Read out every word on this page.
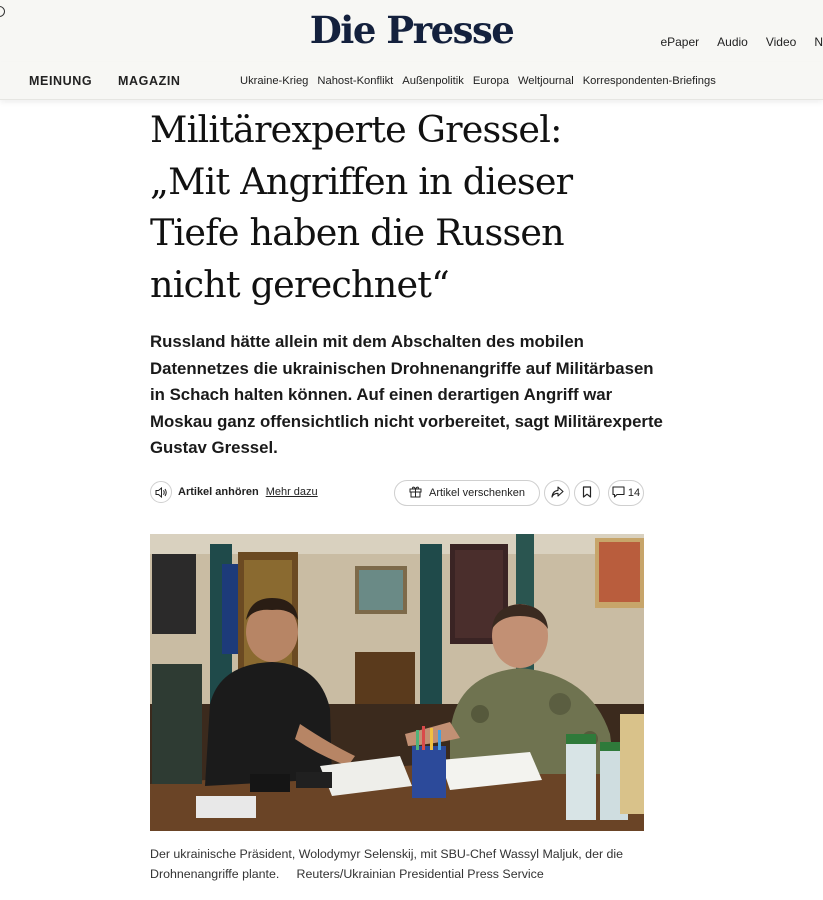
Die Presse	ePaper Audio Video N
MEINUNG MAGAZIN	Ukraine-Krieg Nahost-Konflikt Außenpolitik Europa Weltjournal Korrespondenten-Briefings
Militärexperte Gressel:
„Mit Angriffen in dieser
Tiefe haben die Russen
nicht gerechnet“

Russland hätte allein mit dem Abschalten des mobilen Datennetzes die ukrainischen Drohnenangriffe auf Militärbasen in Schach halten können. Auf einen derartigen Angriff war Moskau ganz offensichtlich nicht vorbereitet, sagt Militärexperte Gustav Gressel.

Artikel anhören Mehr dazu	Artikel verschenken	14
Der ukrainische Präsident, Wolodymyr Selenskij, mit SBU-Chef Wassyl Maljuk, der die Drohnenangriffe plante. Reuters/Ukrainian Presidential Press Service
